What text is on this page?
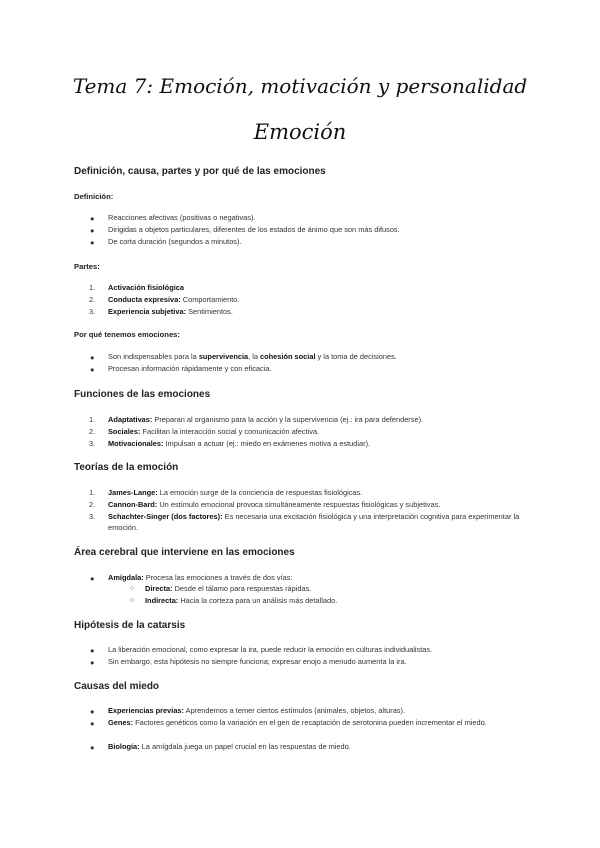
Tema 7: Emoción, motivación y personalidad
Emoción
Definición, causa, partes y por qué de las emociones
Definición:
● Reacciones afectivas (positivas o negativas).
● Dirigidas a objetos particulares, diferentes de los estados de ánimo que son más difusos.
● De corta duración (segundos a minutos).
Partes:
1. Activación fisiológica
2. Conducta expresiva: Comportamiento.
3. Experiencia subjetiva: Sentimientos.
Por qué tenemos emociones:
● Son indispensables para la supervivencia, la cohesión social y la toma de decisiones.
● Procesan información rápidamente y con eficacia.
Funciones de las emociones
1. Adaptativas: Preparan al organismo para la acción y la supervivencia (ej.: ira para defenderse).
2. Sociales: Facilitan la interacción social y comunicación afectiva.
3. Motivacionales: Impulsan a actuar (ej.: miedo en exámenes motiva a estudiar).
Teorías de la emoción
1. James-Lange: La emoción surge de la conciencia de respuestas fisiológicas.
2. Cannon-Bard: Un estímulo emocional provoca simultáneamente respuestas fisiológicas y subjetivas.
3. Schachter-Singer (dos factores): Es necesaria una excitación fisiológica y una interpretación cognitiva para experimentar la emoción.
Área cerebral que interviene en las emociones
● Amígdala: Procesa las emociones a través de dos vías:
○ Directa: Desde el tálamo para respuestas rápidas.
○ Indirecta: Hacia la corteza para un análisis más detallado.
Hipótesis de la catarsis
● La liberación emocional, como expresar la ira, puede reducir la emoción en culturas individualistas.
● Sin embargo, esta hipótesis no siempre funciona; expresar enojo a menudo aumenta la ira.
Causas del miedo
● Experiencias previas: Aprendemos a temer ciertos estímulos (animales, objetos, alturas).
● Genes: Factores genéticos como la variación en el gen de recaptación de serotonina pueden incrementar el miedo.
● Biología: La amígdala juega un papel crucial en las respuestas de miedo.
